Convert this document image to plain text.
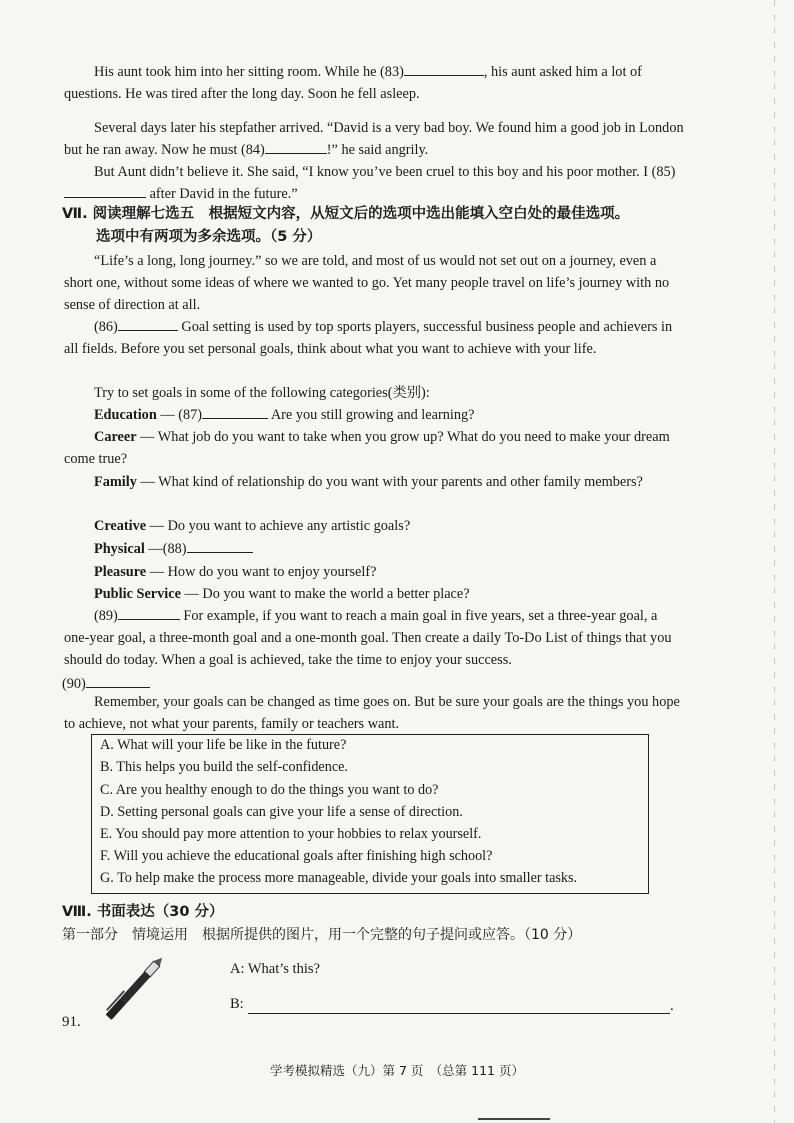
His aunt took him into her sitting room. While he (83)	, his aunt asked him a lot of questions. He was tired after the long day. Soon he fell asleep.

Several days later his stepfather arrived. “David is a very bad boy. We found him a good job in London but he ran away. Now he must (84)	!” he said angrily.

But Aunt didn’t believe it. She said, “I know you’ve been cruel to this boy and his poor mother. I (85) after David in the future.”

Ⅶ. 阅读理解七选五　根据短文内容，从短文后的选项中选出能填入空白处的最佳选项。
选项中有两项为多余选项。（5 分）

“Life’s a long, long journey.” so we are told, and most of us would not set out on a journey, even a short one, without some ideas of where we wanted to go. Yet many people travel on life’s journey with no sense of direction at all.

(86)	Goal setting is used by top sports players, successful business people and achievers in all fields. Before you set personal goals, think about what you want to achieve with your life.

Try to set goals in some of the following categories(类别):
Education — (87)	Are you still growing and learning?

Career — What job do you want to take when you grow up? What do you need to make your dream come true?

Family — What kind of relationship do you want with your parents and other family members?

Creative — Do you want to achieve any artistic goals?
Physical —(88)
Pleasure — How do you want to enjoy yourself?
Public Service — Do you want to make the world a better place?

(89)	For example, if you want to reach a main goal in five years, set a three-year goal, a one-year goal, a three-month goal and a one-month goal. Then create a daily To-Do List of things that you should do today. When a goal is achieved, take the time to enjoy your success.

(90)

Remember, your goals can be changed as time goes on. But be sure your goals are the things you hope to achieve, not what your parents, family or teachers want.

A. What will your life be like in the future?
B. This helps you build the self-confidence.
C. Are you healthy enough to do the things you want to do?
D. Setting personal goals can give your life a sense of direction.
E. You should pay more attention to your hobbies to relax yourself.
F. Will you achieve the educational goals after finishing high school?
G. To help make the process more manageable, divide your goals into smaller tasks.
Ⅷ. 书面表达（30 分）
第一部分　情境运用　根据所提供的图片，用一个完整的句子提问或应答。（10 分）
91.
A: What’s this?
B:	.
学考模拟精选（九）第 7 页　（总第 111 页）
